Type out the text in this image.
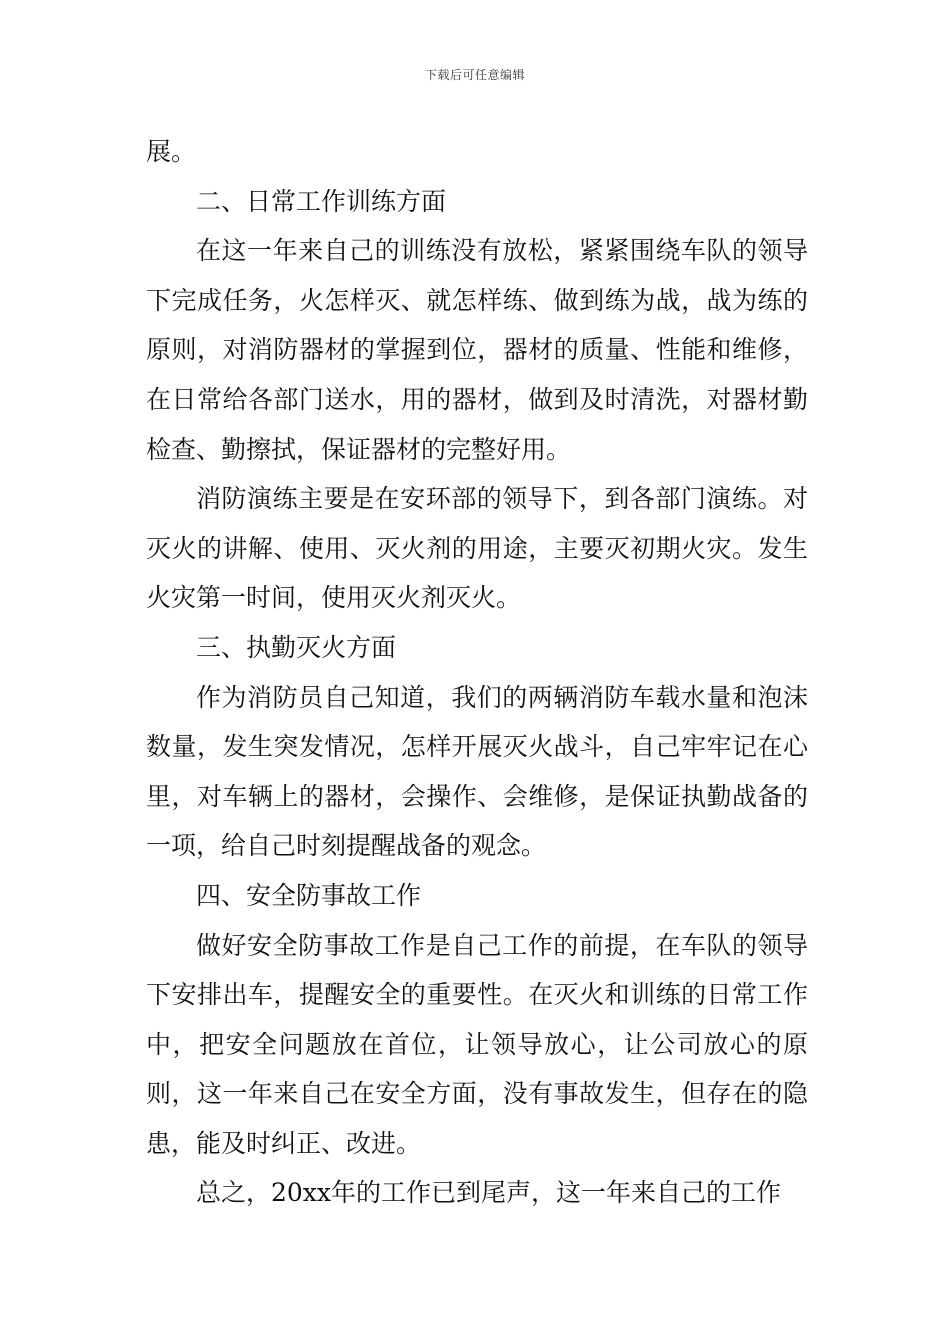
下载后可任意编辑

展。

二、日常工作训练方面

在这一年来自己的训练没有放松，紧紧围绕车队的领导下完成任务，火怎样灭、就怎样练、做到练为战，战为练的原则，对消防器材的掌握到位，器材的质量、性能和维修，在日常给各部门送水，用的器材，做到及时清洗，对器材勤检查、勤擦拭，保证器材的完整好用。

消防演练主要是在安环部的领导下，到各部门演练。对灭火的讲解、使用、灭火剂的用途，主要灭初期火灾。发生火灾第一时间，使用灭火剂灭火。

三、执勤灭火方面

作为消防员自己知道，我们的两辆消防车载水量和泡沫数量，发生突发情况，怎样开展灭火战斗，自己牢牢记在心里，对车辆上的器材，会操作、会维修，是保证执勤战备的一项，给自己时刻提醒战备的观念。

四、安全防事故工作

做好安全防事故工作是自己工作的前提，在车队的领导下安排出车，提醒安全的重要性。在灭火和训练的日常工作中，把安全问题放在首位，让领导放心，让公司放心的原则，这一年来自己在安全方面，没有事故发生，但存在的隐患，能及时纠正、改进。

总之，20xx年的工作已到尾声，这一年来自己的工作
